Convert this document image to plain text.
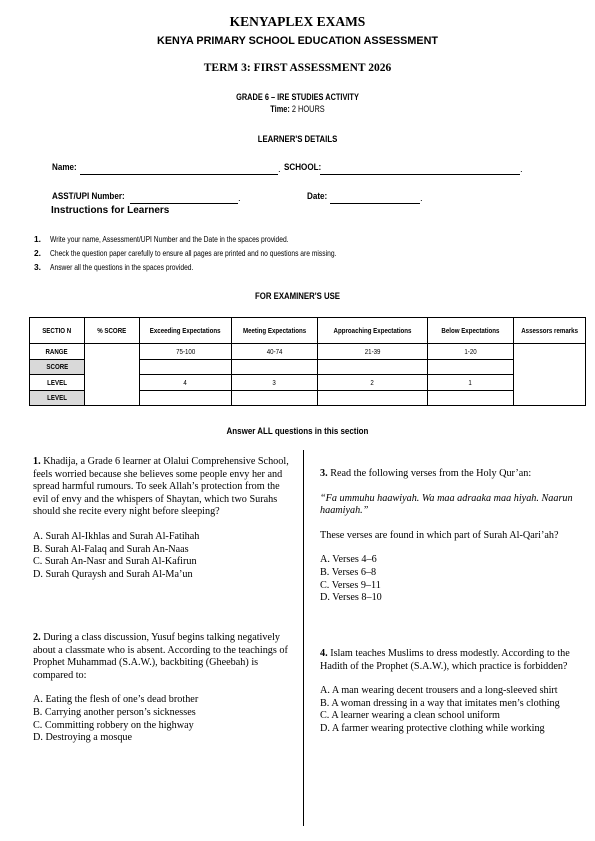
KENYAPLEX EXAMS
KENYA PRIMARY SCHOOL EDUCATION ASSESSMENT
TERM 3: FIRST ASSESSMENT 2026
GRADE 6 – IRE STUDIES ACTIVITY
Time: 2 HOURS
LEARNER'S DETAILS
Name:	. SCHOOL:	.
ASST/UPI Number:	.	Date:	.
Instructions for Learners
1. Write your name, Assessment/UPI Number and the Date in the spaces provided.
2. Check the question paper carefully to ensure all pages are printed and no questions are missing.
3. Answer all the questions in the spaces provided.
FOR EXAMINER'S USE
SECTIO N	% SCORE	Exceeding Expectations	Meeting Expectations	Approaching Expectations	Below Expectations	Assessors remarks
RANGE		75-100	40-74	21-39	1-20	
SCORE						
LEVEL		4	3	2	1	
LEVEL						
Answer ALL questions in this section

1. Khadija, a Grade 6 learner at Olalui Comprehensive School, feels worried because she believes some people envy her and spread harmful rumours. To seek Allah’s protection from the evil of envy and the whispers of Shaytan, which two Surahs should she recite every night before sleeping?

A. Surah Al-Ikhlas and Surah Al-Fatihah

B. Surah Al-Falaq and Surah An-Naas

C. Surah An-Nasr and Surah Al-Kafirun

D. Surah Quraysh and Surah Al-Ma’un

2. During a class discussion, Yusuf begins talking negatively about a classmate who is absent. According to the teachings of Prophet Muhammad (S.A.W.), backbiting (Gheebah) is compared to:

A. Eating the flesh of one’s dead brother

B. Carrying another person’s sicknesses

C. Committing robbery on the highway

D. Destroying a mosque

3. Read the following verses from the Holy Qur’an:

“Fa ummuhu haawiyah. Wa maa adraaka maa hiyah. Naarun haamiyah.”

These verses are found in which part of Surah Al-Qari’ah?

A. Verses 4–6

B. Verses 6–8

C. Verses 9–11

D. Verses 8–10

4. Islam teaches Muslims to dress modestly. According to the Hadith of the Prophet (S.A.W.), which practice is forbidden?

A. A man wearing decent trousers and a long-sleeved shirt

B. A woman dressing in a way that imitates men’s clothing

C. A learner wearing a clean school uniform

D. A farmer wearing protective clothing while working
